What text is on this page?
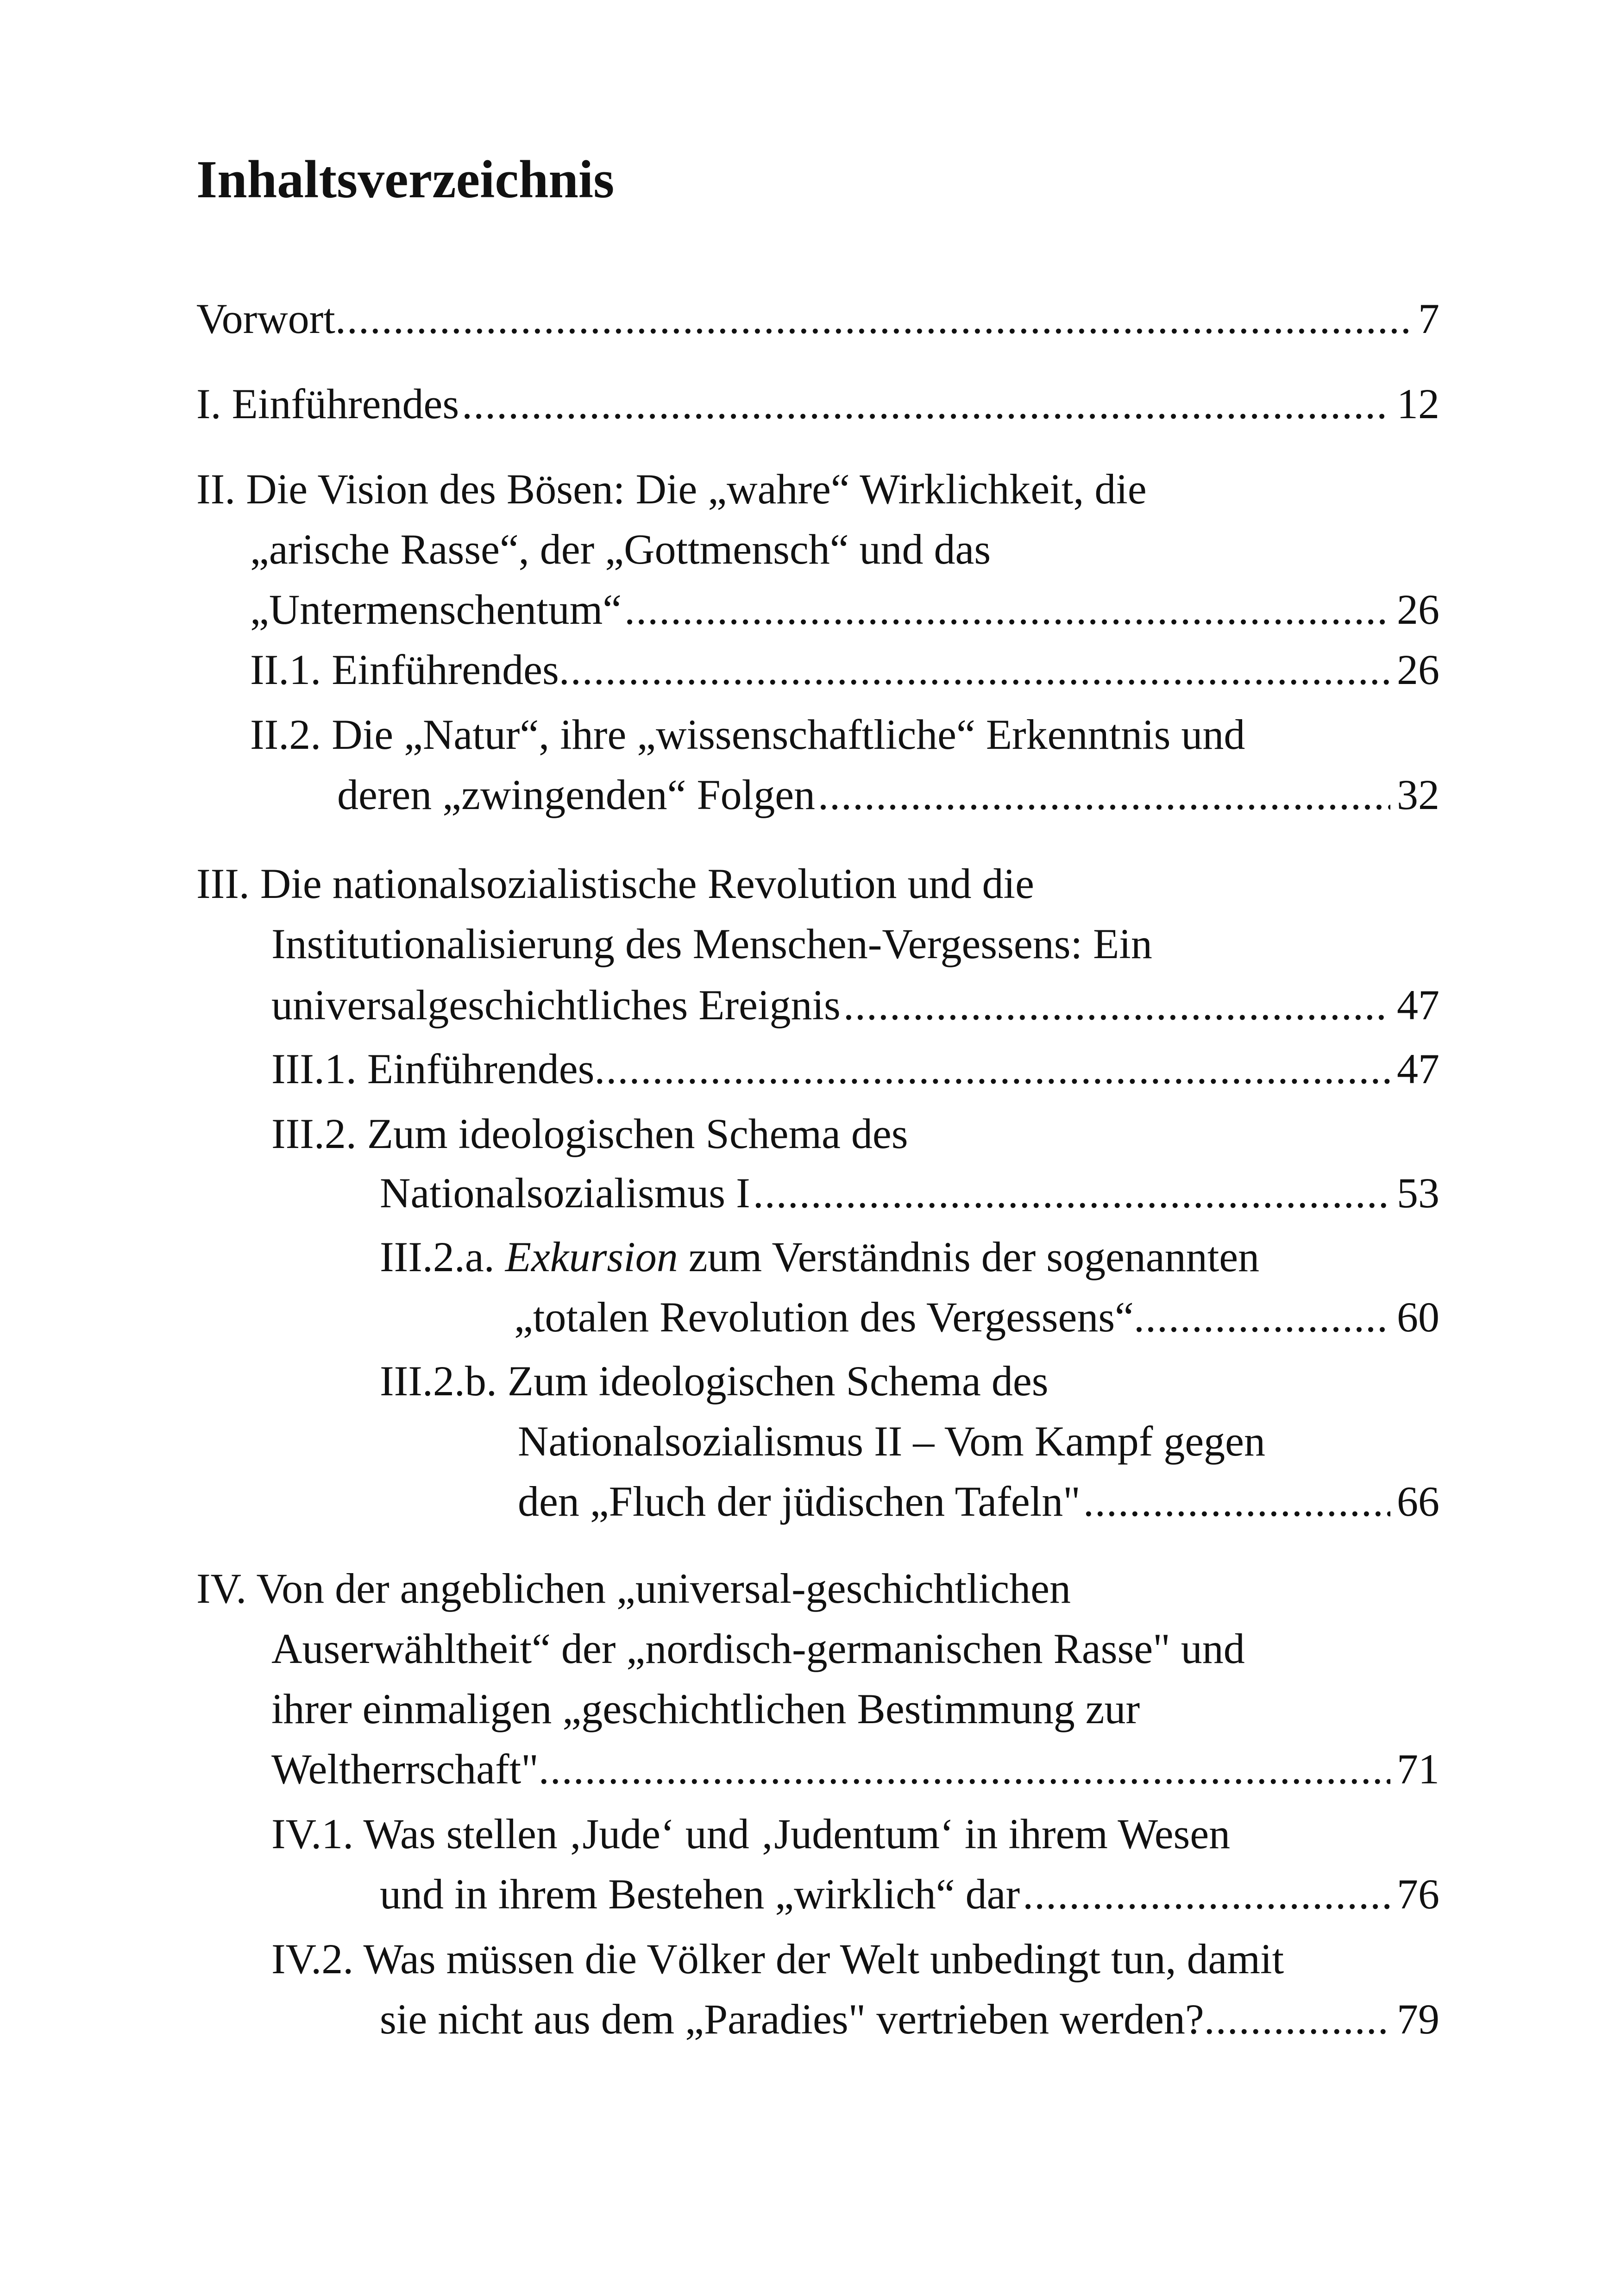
Inhaltsverzeichnis
Vorwort .....	7
I. Einführendes .....	12
II. Die Vision des Bösen: Die „wahre“ Wirklichkeit, die
„arische Rasse“, der „Gottmensch“ und das
„Untermenschentum“ .....	26
II.1. Einführendes .....	26
II.2. Die „Natur“, ihre „wissenschaftliche“ Erkenntnis und
deren „zwingenden“ Folgen .....	32
III. Die nationalsozialistische Revolution und die
Institutionalisierung des Menschen-Vergessens: Ein
universalgeschichtliches Ereignis .....	47
III.1. Einführendes .....	47
III.2. Zum ideologischen Schema des
Nationalsozialismus I .....	53
III.2.a. Exkursion zum Verständnis der sogenannten
„totalen Revolution des Vergessens“ .....	60
III.2.b. Zum ideologischen Schema des
Nationalsozialismus II – Vom Kampf gegen
den „Fluch der jüdischen Tafeln" .....	66
IV. Von der angeblichen „universal-geschichtlichen
Auserwähltheit“ der „nordisch-germanischen Rasse" und
ihrer einmaligen „geschichtlichen Bestimmung zur
Weltherrschaft" .....	71
IV.1. Was stellen ‚Jude‘ und ‚Judentum‘ in ihrem Wesen
und in ihrem Bestehen „wirklich“ dar .....	76
IV.2. Was müssen die Völker der Welt unbedingt tun, damit
sie nicht aus dem „Paradies" vertrieben werden? .....	79
